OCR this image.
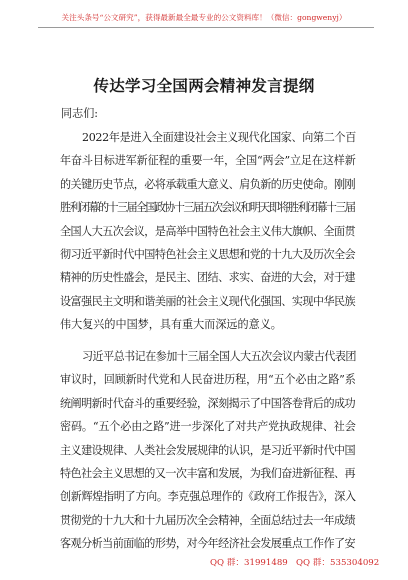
关注头条号“公文研究”，获得最新最全最专业的公文资料库！（微信：gongwenyj）
传达学习全国两会精神发言提纲
同志们:
2022年是进入全面建设社会主义现代化国家、向第二个百
年奋斗目标进军新征程的重要一年，全国“两会”立足在这样新
的关键历史节点，必将承载重大意义、肩负新的历史使命。刚刚
胜利闭幕的十三届全国政协十三届五次会议和明天即将胜利闭幕十三届
全国人大五次会议，是高举中国特色社会主义伟大旗帜、全面贯
彻习近平新时代中国特色社会主义思想和党的十九大及历次全会
精神的历史性盛会，是民主、团结、求实、奋进的大会，对于建
设富强民主文明和谐美丽的社会主义现代化强国、实现中华民族
伟大复兴的中国梦，具有重大而深远的意义。
习近平总书记在参加十三届全国人大五次会议内蒙古代表团
审议时，回顾新时代党和人民奋进历程，用“五个必由之路”系
统阐明新时代奋斗的重要经验，深刻揭示了中国答卷背后的成功
密码。“五个必由之路”进一步深化了对共产党执政规律、社会
主义建设规律、人类社会发展规律的认识，是习近平新时代中国
特色社会主义思想的又一次丰富和发展，为我们奋进新征程、再
创新辉煌指明了方向。李克强总理作的《政府工作报告》，深入
贯彻党的十九大和十九届历次全会精神，全面总结过去一年成绩
客观分析当前面临的形势，对今年经济社会发展重点工作作了安
QQ 群：31991489 QQ 群：535304092
